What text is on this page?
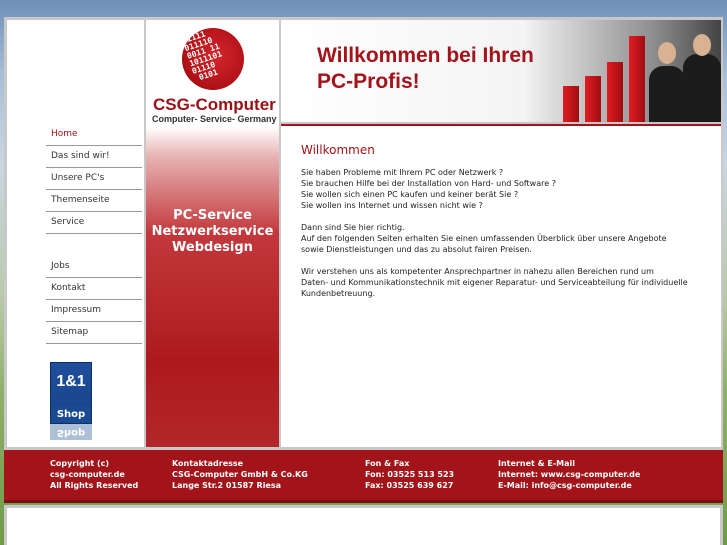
1111
011110
0011 11
1011101
01110
0101
CSG-Computer
Computer- Service- Germany
PC-Service
Netzwerkservice
Webdesign
Willkommen bei Ihren
PC-Profis!
Home
Das sind wir!
Unsere PC's
Themenseite
Service
Jobs
Kontakt
Impressum
Sitemap
1&1
Shop
Shop
Willkommen

Sie haben Probleme mit Ihrem PC oder Netzwerk ?
Sie brauchen Hilfe bei der Installation von Hard- und Software ?
Sie wollen sich einen PC kaufen und keiner berät Sie ?
Sie wollen ins Internet und wissen nicht wie ?

Dann sind Sie hier richtig.
Auf den folgenden Seiten erhalten Sie einen umfassenden Überblick über unsere Angebote
sowie Dienstleistungen und das zu absolut fairen Preisen.

Wir verstehen uns als kompetenter Ansprechpartner in nahezu allen Bereichen rund um
Daten- und Kommunikationstechnik mit eigener Reparatur- und Serviceabteilung für individuelle
Kundenbetreuung.

Copyright (c)
csg-computer.de
All Rights Reserved
Kontaktadresse
CSG-Computer GmbH & Co.KG
Lange Str.2 01587 Riesa
Fon & Fax
Fon: 03525 513 523
Fax: 03525 639 627
Internet & E-Mail
Internet: www.csg-computer.de
E-Mail: info@csg-computer.de
